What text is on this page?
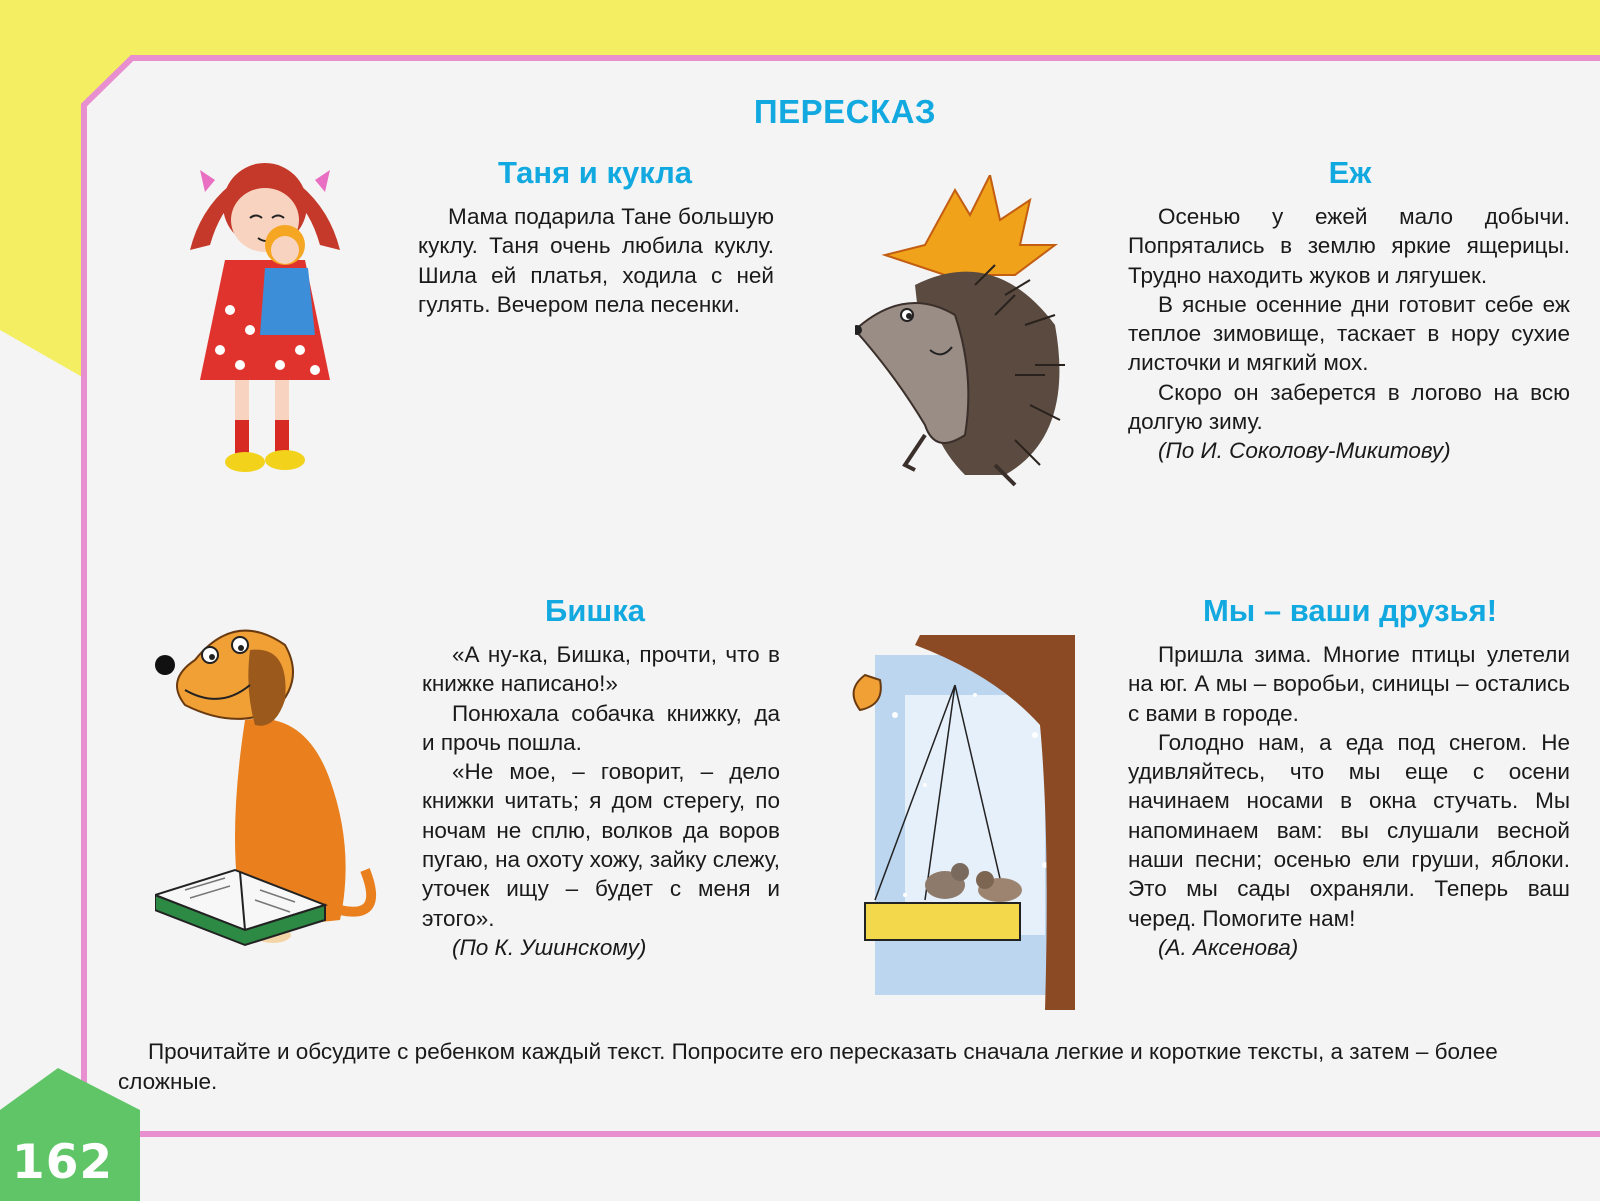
ПЕРЕСКАЗ
Таня и кукла

Мама подарила Тане большую куклу. Таня очень любила куклу. Шила ей платья, ходила с ней гулять. Вечером пела песенки.

Еж

Осенью у ежей мало добычи. Попрятались в землю яркие ящерицы. Трудно находить жуков и лягушек.

В ясные осенние дни готовит себе еж теплое зимовище, таскает в нору сухие листочки и мягкий мох.

Скоро он заберется в логово на всю долгую зиму.

(По И. Соколову-Микитову)

Бишка

«А ну-ка, Бишка, прочти, что в книжке написано!»

Понюхала собачка книжку, да и прочь пошла.

«Не мое, – говорит, – дело книжки читать; я дом стерегу, по ночам не сплю, волков да воров пугаю, на охоту хожу, зайку слежу, уточек ищу – будет с меня и этого».

(По К. Ушинскому)

Мы – ваши друзья!

Пришла зима. Многие птицы улетели на юг. А мы – воробьи, синицы – остались с вами в городе.

Голодно нам, а еда под снегом. Не удивляйтесь, что мы еще с осени начинаем носами в окна стучать. Мы напоминаем вам: вы слушали весной наши песни; осенью ели груши, яблоки. Это мы сады охраняли. Теперь ваш черед. Помогите нам!

(А. Аксенова)

Прочитайте и обсудите с ребенком каждый текст. Попросите его пересказать сначала легкие и короткие тексты, а затем – более сложные.

162
